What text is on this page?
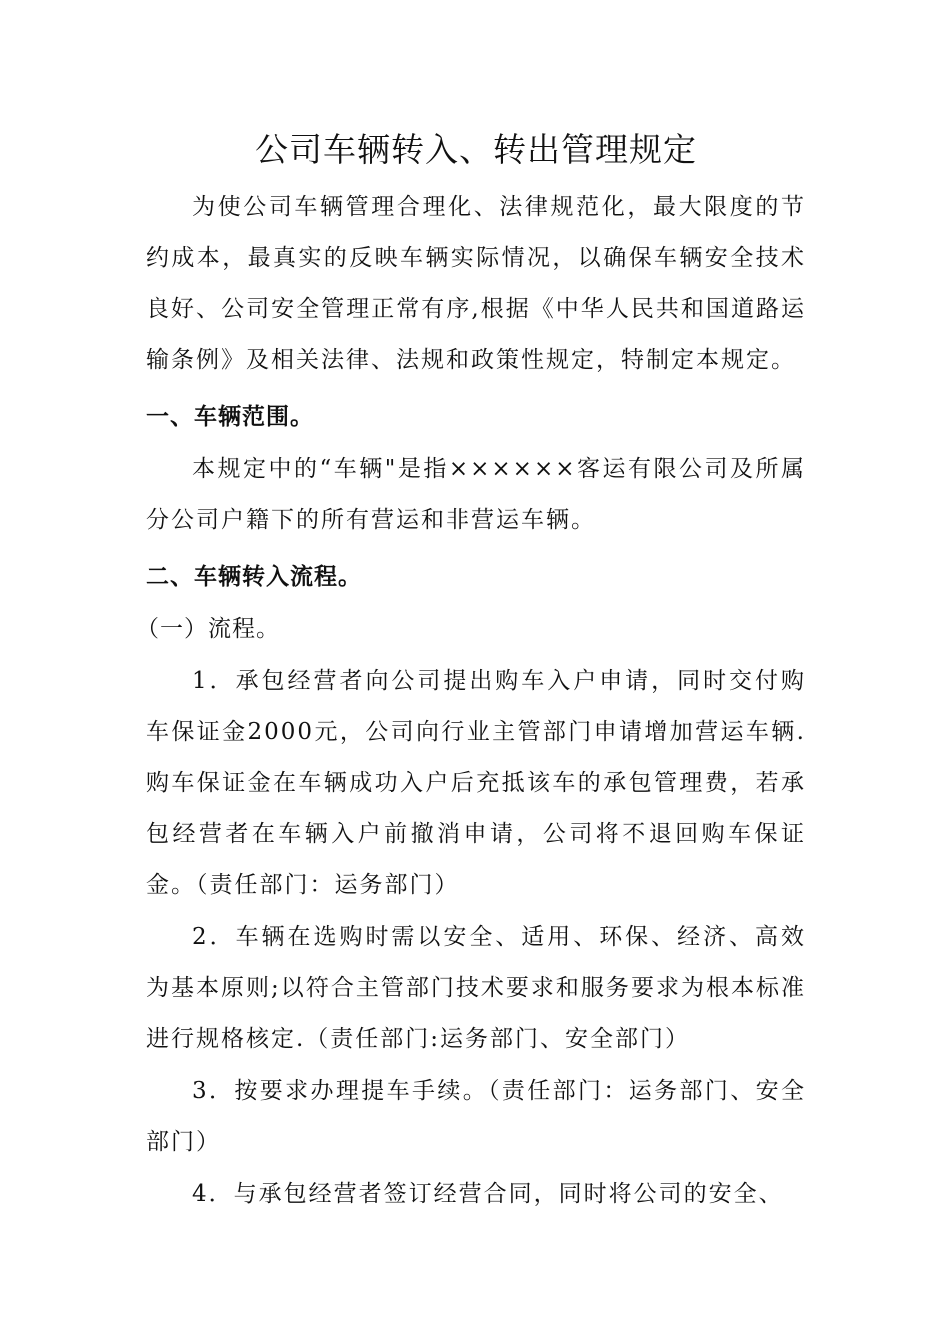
公司车辆转入、转出管理规定

为使公司车辆管理合理化、法律规范化，最大限度的节约成本，最真实的反映车辆实际情况，以确保车辆安全技术良好、公司安全管理正常有序,根据《中华人民共和国道路运输条例》及相关法律、法规和政策性规定，特制定本规定。

一、车辆范围。

本规定中的“车辆"是指××××××客运有限公司及所属分公司户籍下的所有营运和非营运车辆。

二、车辆转入流程。
（一）流程。

1．承包经营者向公司提出购车入户申请，同时交付购车保证金2000元，公司向行业主管部门申请增加营运车辆.购车保证金在车辆成功入户后充抵该车的承包管理费，若承包经营者在车辆入户前撤消申请，公司将不退回购车保证金。（责任部门：运务部门）

2．车辆在选购时需以安全、适用、环保、经济、高效为基本原则;以符合主管部门技术要求和服务要求为根本标准进行规格核定.（责任部门:运务部门、安全部门）

3．按要求办理提车手续。（责任部门：运务部门、安全部门）

4．与承包经营者签订经营合同，同时将公司的安全、
